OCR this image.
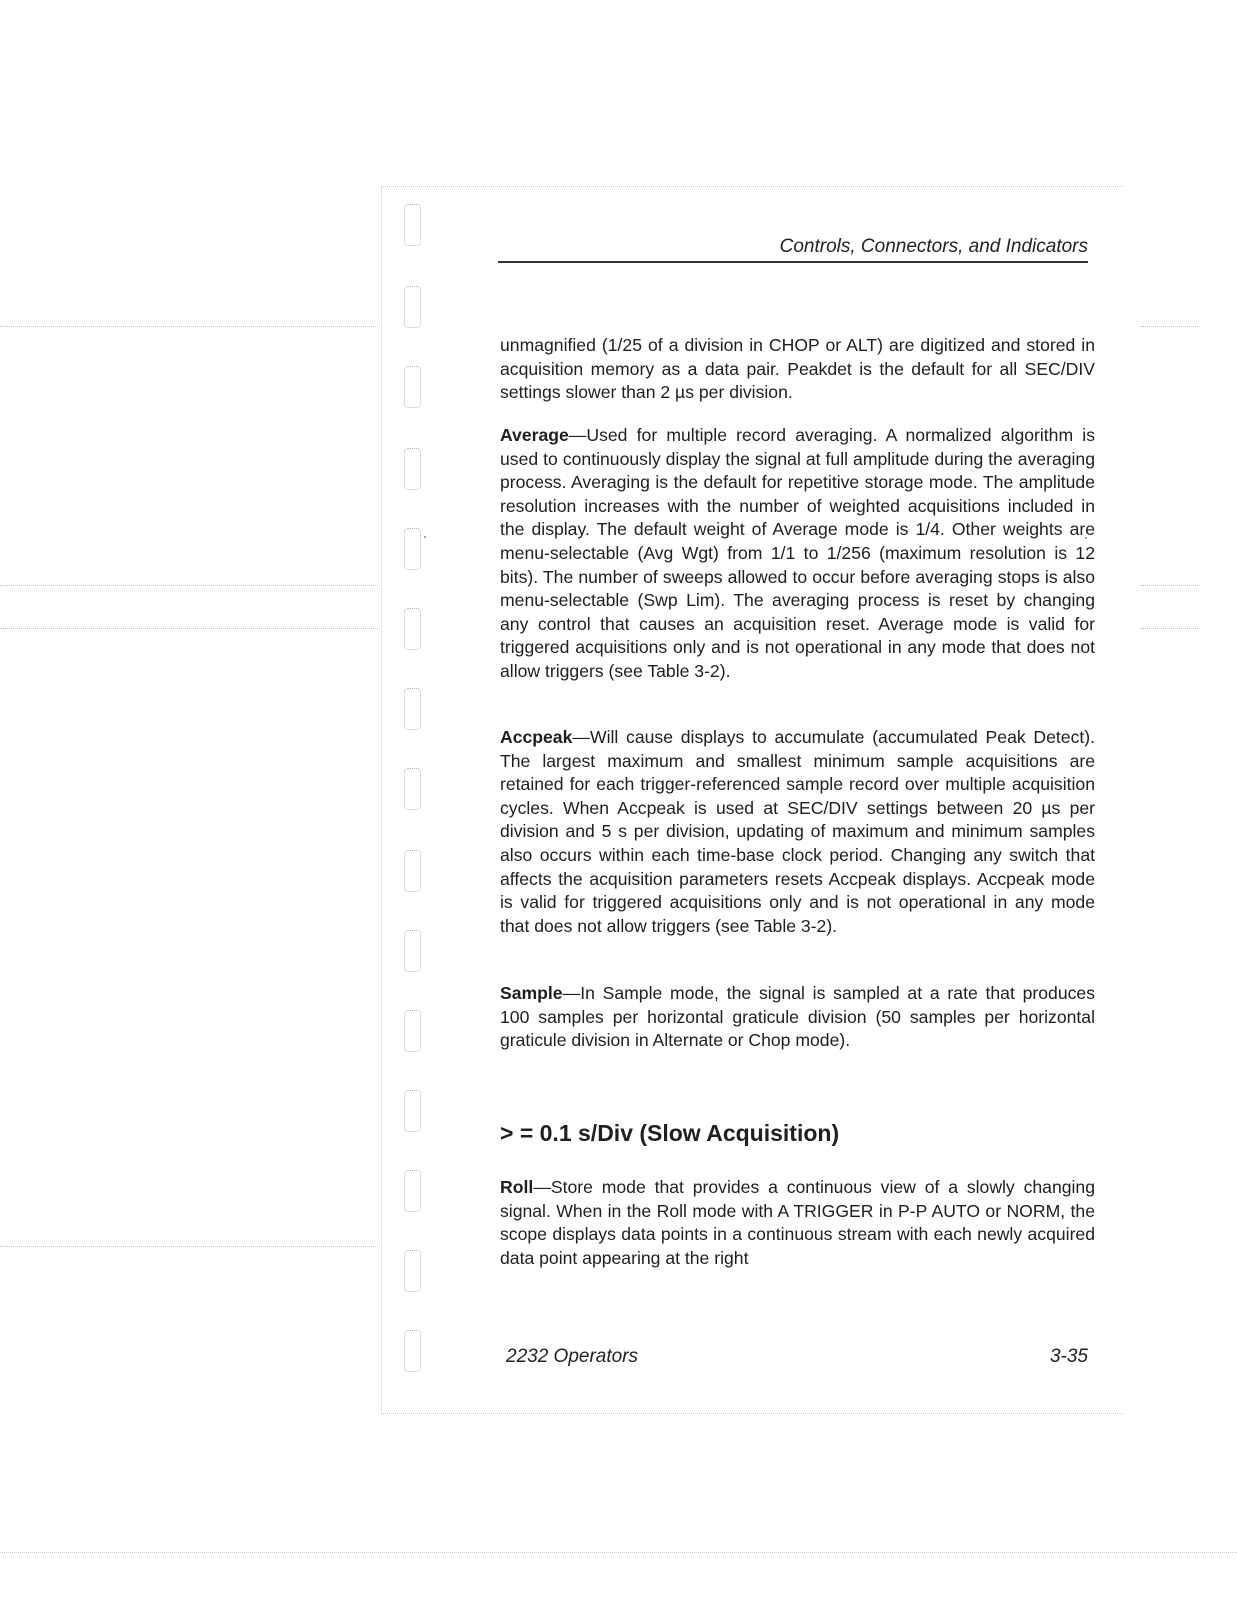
Controls, Connectors, and Indicators

unmagnified (1/25 of a division in CHOP or ALT) are digitized and stored in acquisition memory as a data pair. Peakdet is the default for all SEC/DIV settings slower than 2 µs per division.

Average—Used for multiple record averaging. A normalized algorithm is used to continuously display the signal at full amplitude during the averaging process. Averaging is the default for repetitive storage mode. The amplitude resolution increases with the number of weighted acquisitions included in the display. The default weight of Average mode is 1/4. Other weights are menu-selectable (Avg Wgt) from 1/1 to 1/256 (maximum resolution is 12 bits). The number of sweeps allowed to occur before averaging stops is also menu-selectable (Swp Lim). The averaging process is reset by changing any control that causes an acquisition reset. Average mode is valid for triggered acquisitions only and is not operational in any mode that does not allow triggers (see Table 3-2).

Accpeak—Will cause displays to accumulate (accumulated Peak Detect). The largest maximum and smallest minimum sample acquisitions are retained for each trigger-referenced sample record over multiple acquisition cycles. When Accpeak is used at SEC/DIV settings between 20 µs per division and 5 s per division, updating of maximum and minimum samples also occurs within each time-base clock period. Changing any switch that affects the acquisition parameters resets Accpeak displays. Accpeak mode is valid for triggered acquisitions only and is not operational in any mode that does not allow triggers (see Table 3-2).

Sample—In Sample mode, the signal is sampled at a rate that produces 100 samples per horizontal graticule division (50 samples per horizontal graticule division in Alternate or Chop mode).

> = 0.1 s/Div (Slow Acquisition)

Roll—Store mode that provides a continuous view of a slowly changing signal. When in the Roll mode with A TRIGGER in P-P AUTO or NORM, the scope displays data points in a continuous stream with each newly acquired data point appearing at the right

2232 Operators	3-35
